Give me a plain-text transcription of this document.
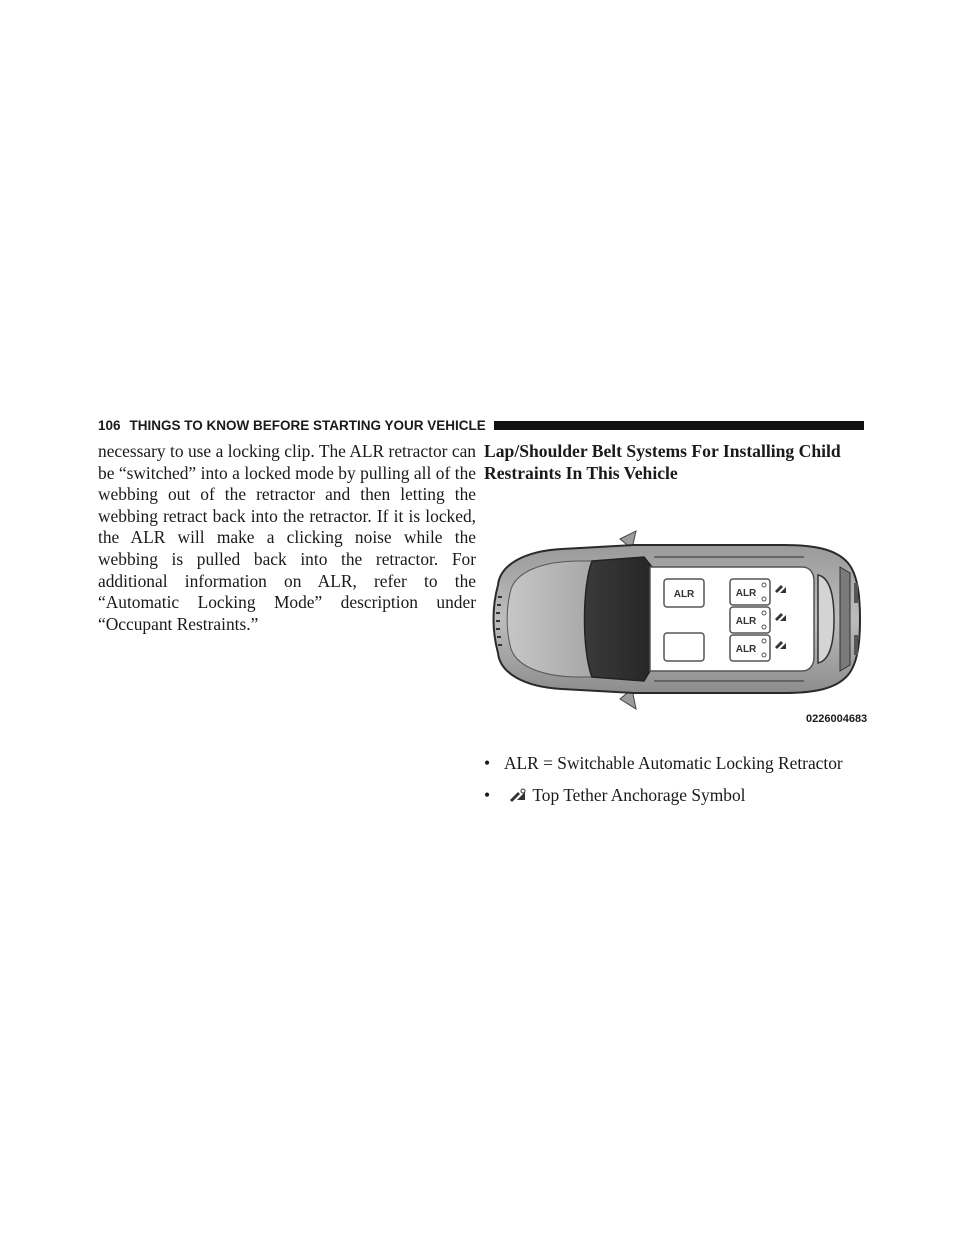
106 THINGS TO KNOW BEFORE STARTING YOUR VEHICLE

necessary to use a locking clip. The ALR retractor can be “switched” into a locked mode by pulling all of the webbing out of the retractor and then letting the webbing retract back into the retractor. If it is locked, the ALR will make a clicking noise while the webbing is pulled back into the retractor. For additional information on ALR, refer to the “Automatic Locking Mode” description under “Occupant Restraints.”

Lap/Shoulder Belt Systems For Installing Child Restraints In This Vehicle
ALR	ALR
ALR
ALR
0226004683
• ALR = Switchable Automatic Locking Retractor
• Top Tether Anchorage Symbol
